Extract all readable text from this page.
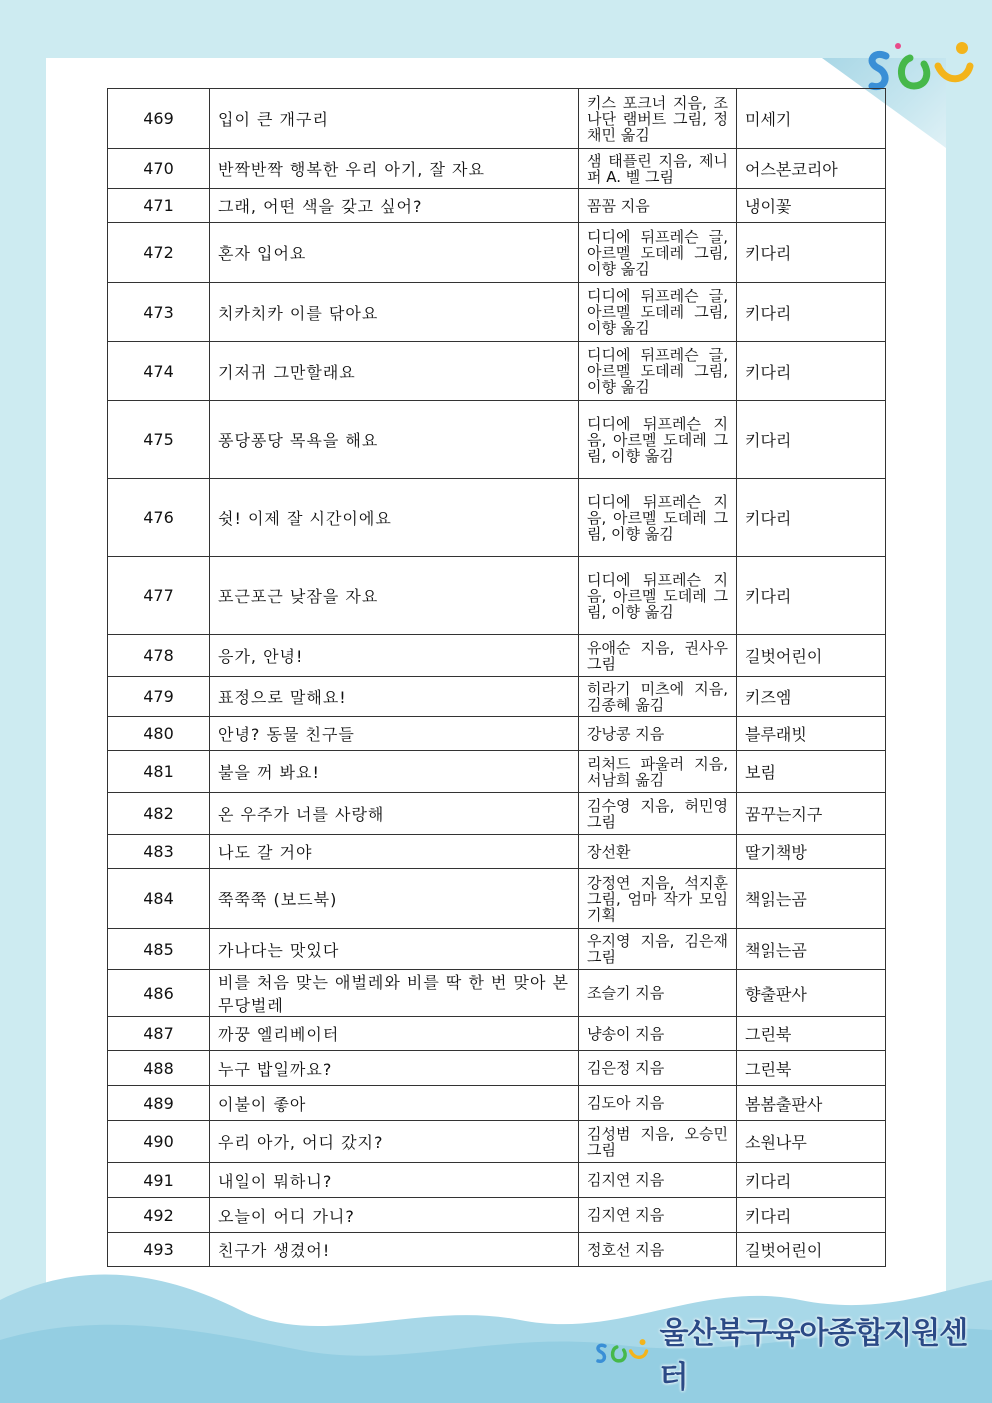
469	입이 큰 개구리	키스 포크너 지음, 조나단 램버트 그림, 정채민 옮김	미세기
470	반짝반짝 행복한 우리 아기, 잘 자요	샘 태플린 지음, 제니퍼 A. 벨 그림	어스본코리아
471	그래, 어떤 색을 갖고 싶어?	꼼꼼 지음	냉이꽃
472	혼자 입어요	디디에 뒤프레슨 글, 아르멜 도데레 그림, 이향 옮김	키다리
473	치카치카 이를 닦아요	디디에 뒤프레슨 글, 아르멜 도데레 그림, 이향 옮김	키다리
474	기저귀 그만할래요	디디에 뒤프레슨 글, 아르멜 도데레 그림, 이향 옮김	키다리
475	퐁당퐁당 목욕을 해요	디디에 뒤프레슨 지음, 아르멜 도데레 그림, 이향 옮김	키다리
476	쉿! 이제 잘 시간이에요	디디에 뒤프레슨 지음, 아르멜 도데레 그림, 이향 옮김	키다리
477	포근포근 낮잠을 자요	디디에 뒤프레슨 지음, 아르멜 도데레 그림, 이향 옮김	키다리
478	응가, 안녕!	유애순 지음, 권사우 그림	길벗어린이
479	표정으로 말해요!	히라기 미츠에 지음, 김종혜 옮김	키즈엠
480	안녕? 동물 친구들	강낭콩 지음	블루래빗
481	불을 꺼 봐요!	리처드 파울러 지음, 서남희 옮김	보림
482	온 우주가 너를 사랑해	김수영 지음, 허민영 그림	꿈꾸는지구
483	나도 갈 거야	장선환	딸기책방
484	쭉쭉쭉 (보드북)	강정연 지음, 석지훈 그림, 엄마 작가 모임 기획	책읽는곰
485	가나다는 맛있다	우지영 지음, 김은재 그림	책읽는곰
486	비를 처음 맞는 애벌레와 비를 딱 한 번 맞아 본 무당벌레	조슬기 지음	향출판사
487	까꿍 엘리베이터	냥송이 지음	그린북
488	누구 밥일까요?	김은정 지음	그린북
489	이불이 좋아	김도아 지음	봄봄출판사
490	우리 아가, 어디 갔지?	김성범 지음, 오승민 그림	소원나무
491	내일이 뭐하니?	김지연 지음	키다리
492	오늘이 어디 가니?	김지연 지음	키다리
493	친구가 생겼어!	정호선 지음	길벗어린이
울산북구육아종합지원센터
